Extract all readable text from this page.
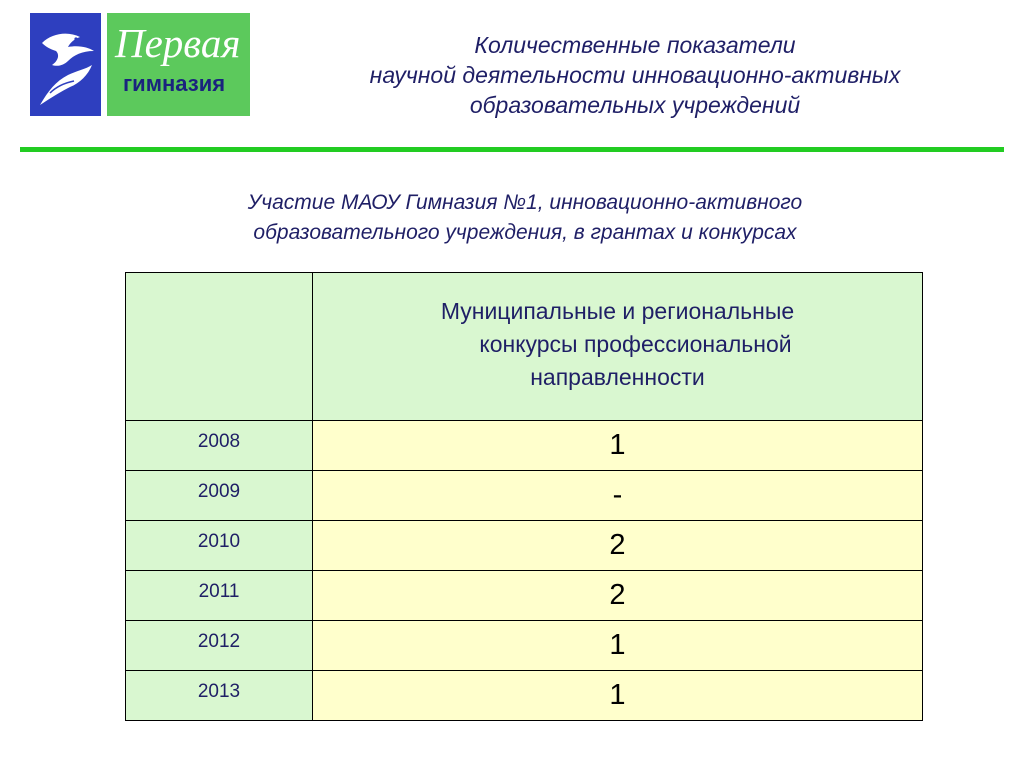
Первая
гимназия
Количественные показатели
научной деятельности инновационно-активных
образовательных учреждений
Участие МАОУ Гимназия №1, инновационно-активного
образовательного учреждения, в грантах и конкурсах

	Муниципальные и региональные
конкурсы профессиональной
направленности

2008	1
2009	-
2010	2
2011	2
2012	1
2013	1
